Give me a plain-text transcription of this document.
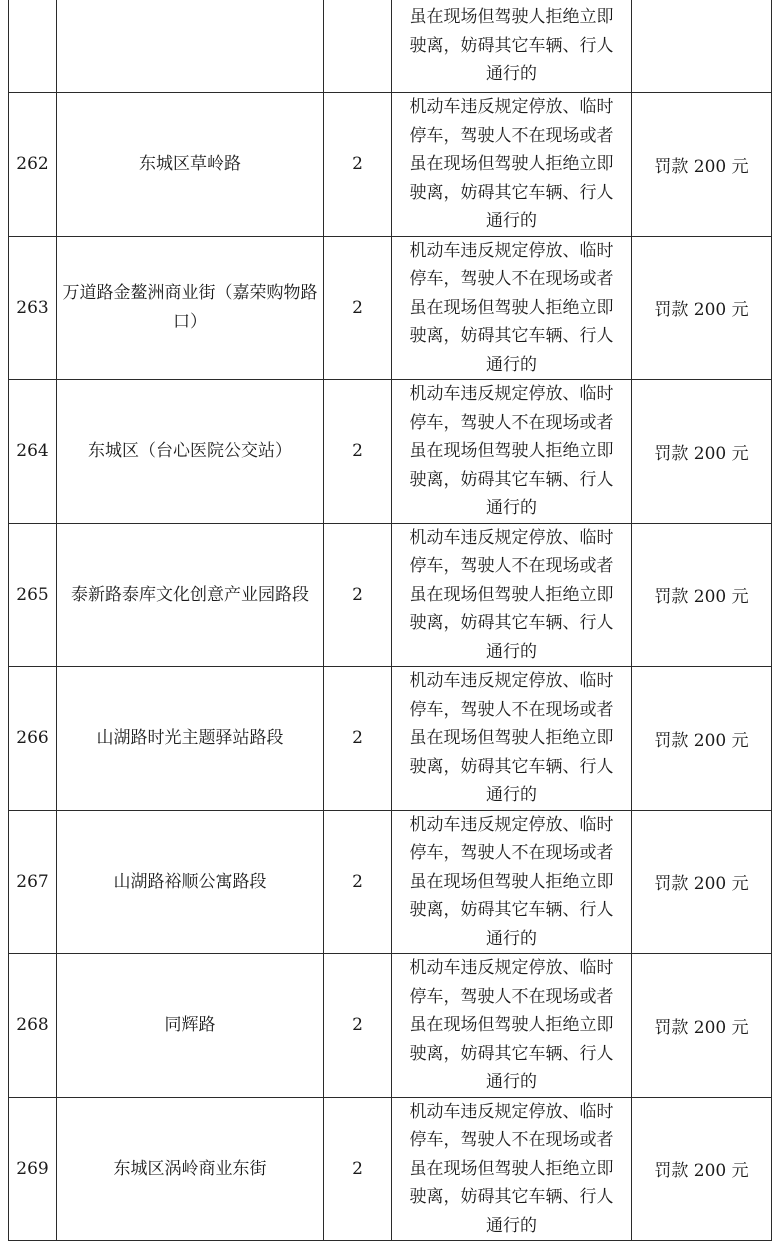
			虽在现场但驾驶人拒绝立即
驶离，妨碍其它车辆、行人
通行的	

262	东城区草岭路	2	机动车违反规定停放、临时
停车，驾驶人不在现场或者
虽在现场但驾驶人拒绝立即
驶离，妨碍其它车辆、行人
通行的	罚款 200 元
263	万道路金鳌洲商业街（嘉荣购物路口）	2	机动车违反规定停放、临时
停车，驾驶人不在现场或者
虽在现场但驾驶人拒绝立即
驶离，妨碍其它车辆、行人
通行的	罚款 200 元
264	东城区（台心医院公交站）	2	机动车违反规定停放、临时
停车，驾驶人不在现场或者
虽在现场但驾驶人拒绝立即
驶离，妨碍其它车辆、行人
通行的	罚款 200 元
265	泰新路泰库文化创意产业园路段	2	机动车违反规定停放、临时
停车，驾驶人不在现场或者
虽在现场但驾驶人拒绝立即
驶离，妨碍其它车辆、行人
通行的	罚款 200 元
266	山湖路时光主题驿站路段	2	机动车违反规定停放、临时
停车，驾驶人不在现场或者
虽在现场但驾驶人拒绝立即
驶离，妨碍其它车辆、行人
通行的	罚款 200 元
267	山湖路裕顺公寓路段	2	机动车违反规定停放、临时
停车，驾驶人不在现场或者
虽在现场但驾驶人拒绝立即
驶离，妨碍其它车辆、行人
通行的	罚款 200 元
268	同辉路	2	机动车违反规定停放、临时
停车，驾驶人不在现场或者
虽在现场但驾驶人拒绝立即
驶离，妨碍其它车辆、行人
通行的	罚款 200 元
269	东城区涡岭商业东街	2	机动车违反规定停放、临时
停车，驾驶人不在现场或者
虽在现场但驾驶人拒绝立即
驶离，妨碍其它车辆、行人
通行的	罚款 200 元
